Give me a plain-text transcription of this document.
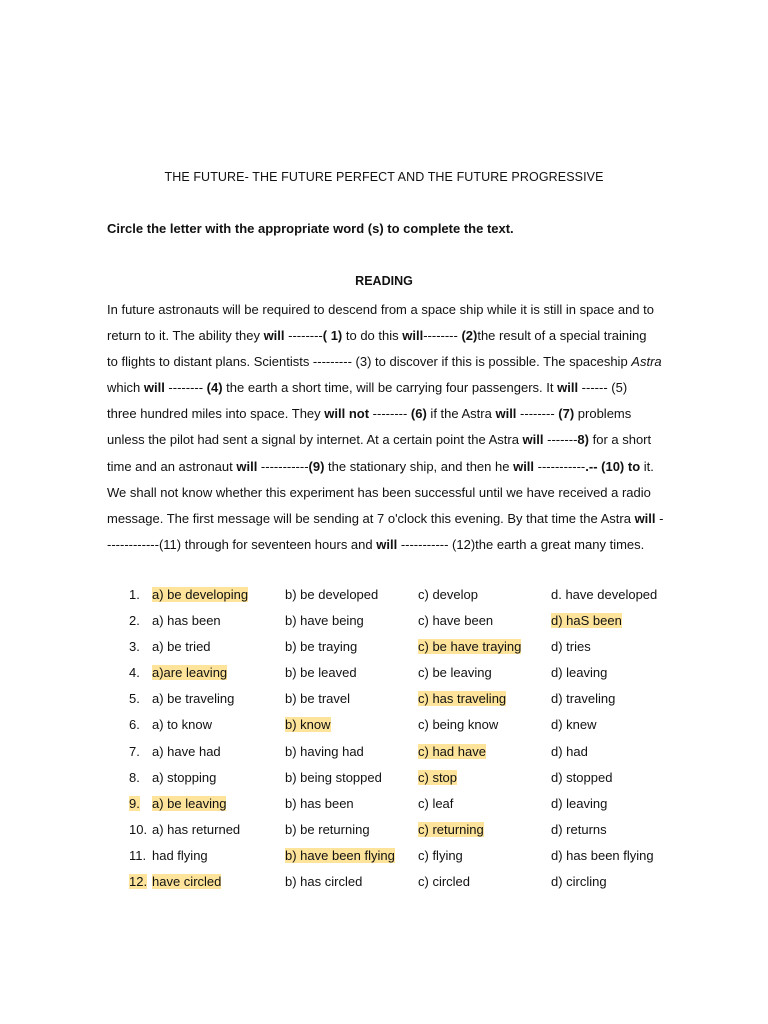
THE FUTURE- THE FUTURE PERFECT AND THE FUTURE PROGRESSIVE
Circle the letter with the appropriate word (s) to complete the text.
READING
In future astronauts will be required to descend from a space ship while it is still in space and to
return to it. The ability they will --------( 1) to do this will-------- (2)the result of a special training
to flights to distant plans. Scientists --------- (3) to discover if this is possible. The spaceship Astra
which will -------- (4) the earth a short time, will be carrying four passengers. It will ------ (5)
three hundred miles into space. They will not -------- (6) if the Astra will -------- (7) problems
unless the pilot had sent a signal by internet. At a certain point the Astra will -------8) for a short
time and an astronaut will -----------(9) the stationary ship, and then he will -----------.-- (10) to it.
We shall not know whether this experiment has been successful until we have received a radio
message. The first message will be sending at 7 o'clock this evening. By that time the Astra will -
------------(11) through for seventeen hours and will ----------- (12)the earth a great many times.
1. a) be developing	b) be developed	c) develop	d. have developed
2. a) has been	b) have being	c) have been	d) haS been
3. a) be tried	b) be traying	c) be have traying d) tries
4. a)are leaving	b) be leaved	c) be leaving	d) leaving
5. a) be traveling	b) be travel	c) has traveling	d) traveling
6. a) to know	b) know	c) being know	d) knew
7. a) have had	b) having had	c) had have	d) had
8. a) stopping	b) being stopped	c) stop	d) stopped
9. a) be leaving	b) has been	c) leaf	d) leaving
10. a) has returned	b) be returning	c) returning	d) returns
11. had flying	b) have been flying c) flying	d) has been flying
12. have circled	b) has circled	c) circled	d) circling
